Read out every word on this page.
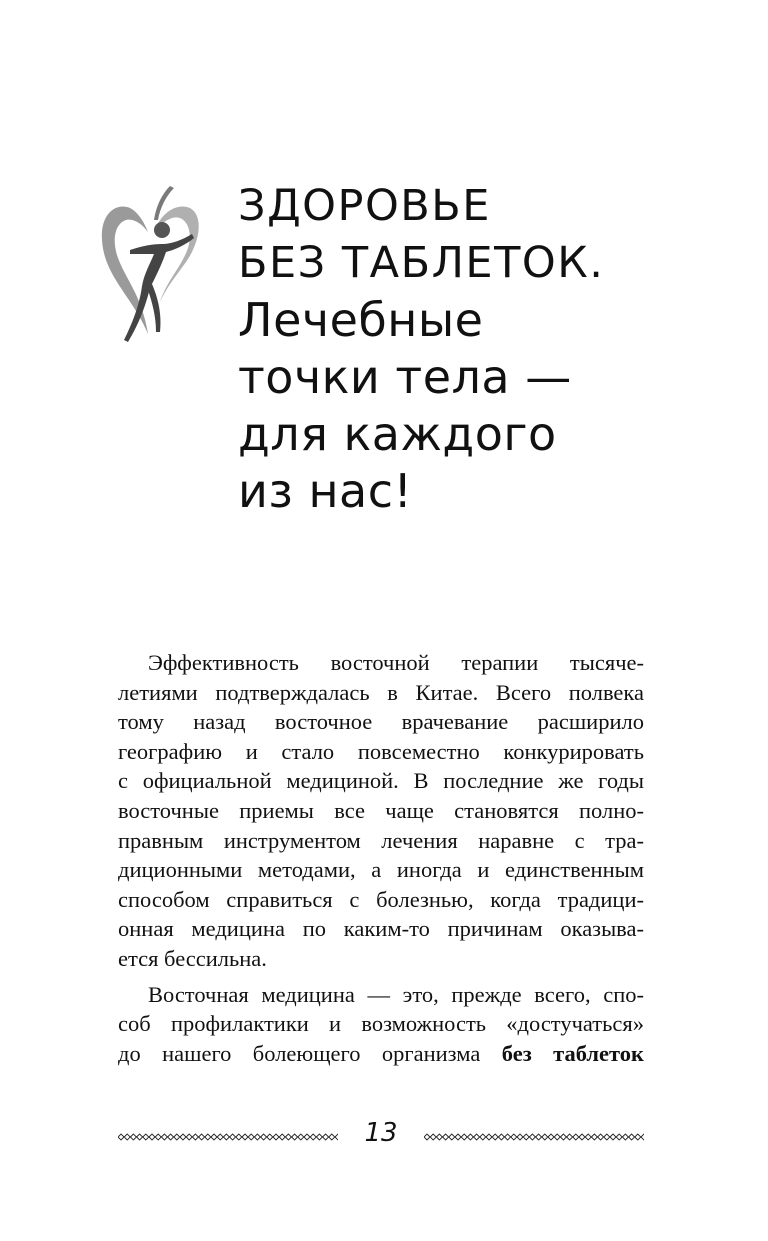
ЗДОРОВЬЕ
БЕЗ ТАБЛЕТОК.
Лечебные
точки тела —
для каждого
из нас!

Эффективность восточной терапии тысяче-
летиями подтверждалась в Китае. Всего полвека
тому назад восточное врачевание расширило
географию и стало повсеместно конкурировать
с официальной медициной. В последние же годы
восточные приемы все чаще становятся полно-
правным инструментом лечения наравне с тра-
диционными методами, а иногда и единственным
способом справиться с болезнью, когда традици-
онная медицина по каким-то причинам оказыва-
ется бессильна.

Восточная медицина — это, прежде всего, спо-
соб профилактики и возможность «достучаться»
до нашего болеющего организма без таблеток

13
